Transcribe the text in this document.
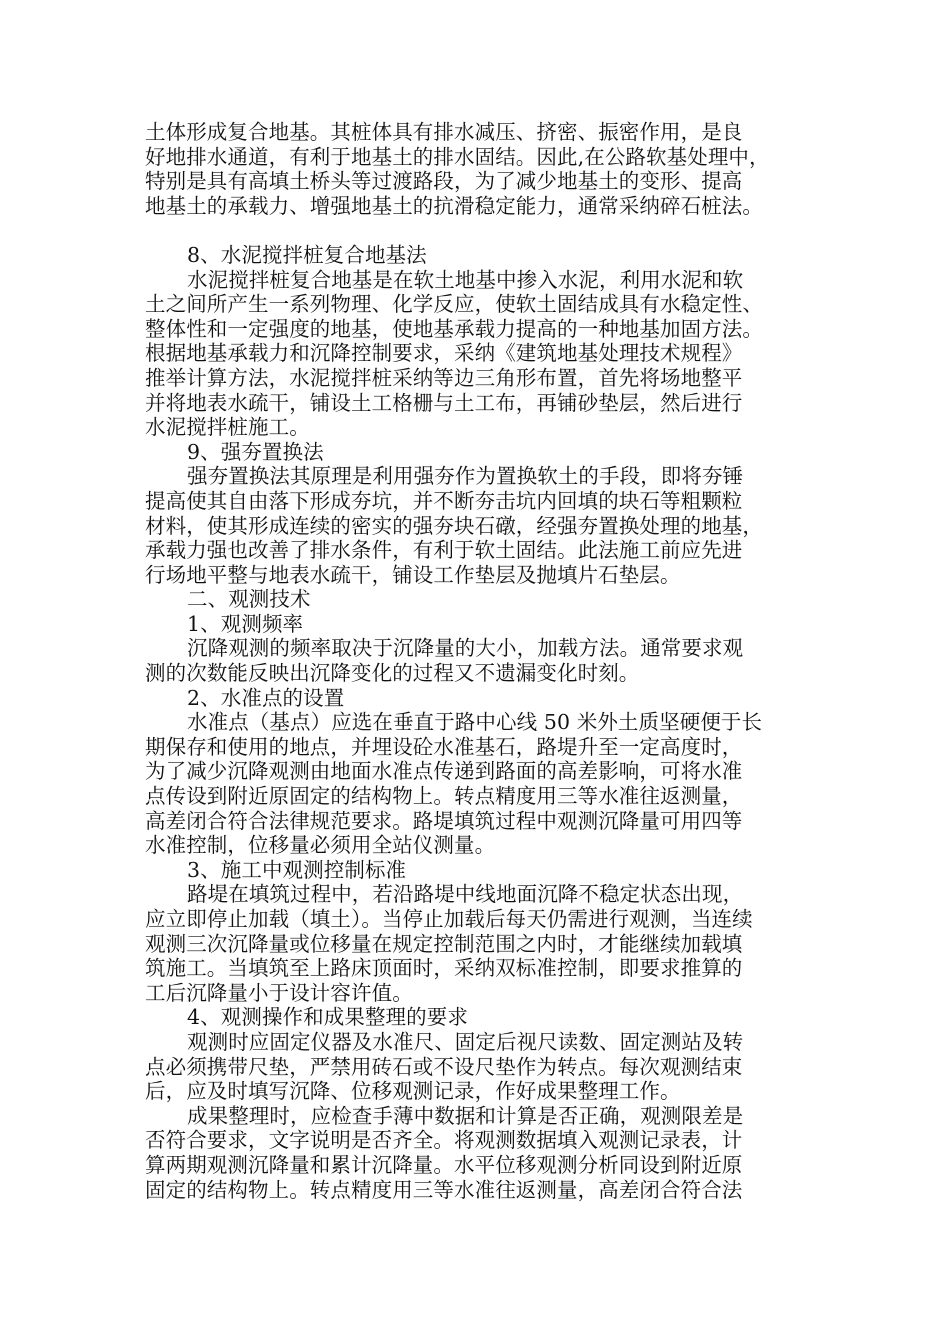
土体形成复合地基。其桩体具有排水减压、挤密、振密作用，是良
好地排水通道，有利于地基土的排水固结。因此,在公路软基处理中，
特别是具有高填土桥头等过渡路段，为了减少地基土的变形、提高
地基土的承载力、增强地基土的抗滑稳定能力，通常采纳碎石桩法。
8、水泥搅拌桩复合地基法
水泥搅拌桩复合地基是在软土地基中掺入水泥，利用水泥和软
土之间所产生一系列物理、化学反应，使软土固结成具有水稳定性、
整体性和一定强度的地基，使地基承载力提高的一种地基加固方法。
根据地基承载力和沉降控制要求，采纳《建筑地基处理技术规程》
推举计算方法，水泥搅拌桩采纳等边三角形布置，首先将场地整平
并将地表水疏干，铺设土工格栅与土工布，再铺砂垫层，然后进行
水泥搅拌桩施工。
9、强夯置换法
强夯置换法其原理是利用强夯作为置换软土的手段，即将夯锤
提高使其自由落下形成夯坑，并不断夯击坑内回填的块石等粗颗粒
材料，使其形成连续的密实的强夯块石礅，经强夯置换处理的地基，
承载力强也改善了排水条件，有利于软土固结。此法施工前应先进
行场地平整与地表水疏干，铺设工作垫层及抛填片石垫层。
二、观测技术
1、观测频率
沉降观测的频率取决于沉降量的大小，加载方法。通常要求观
测的次数能反映出沉降变化的过程又不遗漏变化时刻。
2、水准点的设置
水准点（基点）应选在垂直于路中心线 50 米外土质坚硬便于长
期保存和使用的地点，并埋设砼水准基石，路堤升至一定高度时，
为了减少沉降观测由地面水准点传递到路面的高差影响，可将水准
点传设到附近原固定的结构物上。转点精度用三等水准往返测量，
高差闭合符合法律规范要求。路堤填筑过程中观测沉降量可用四等
水准控制，位移量必须用全站仪测量。
3、施工中观测控制标准
路堤在填筑过程中，若沿路堤中线地面沉降不稳定状态出现，
应立即停止加载（填土）。当停止加载后每天仍需进行观测，当连续
观测三次沉降量或位移量在规定控制范围之内时，才能继续加载填
筑施工。当填筑至上路床顶面时，采纳双标准控制，即要求推算的
工后沉降量小于设计容许值。
4、观测操作和成果整理的要求
观测时应固定仪器及水准尺、固定后视尺读数、固定测站及转
点必须携带尺垫，严禁用砖石或不设尺垫作为转点。每次观测结束
后，应及时填写沉降、位移观测记录，作好成果整理工作。
成果整理时，应检查手薄中数据和计算是否正确，观测限差是
否符合要求，文字说明是否齐全。将观测数据填入观测记录表，计
算两期观测沉降量和累计沉降量。水平位移观测分析同设到附近原
固定的结构物上。转点精度用三等水准往返测量，高差闭合符合法
